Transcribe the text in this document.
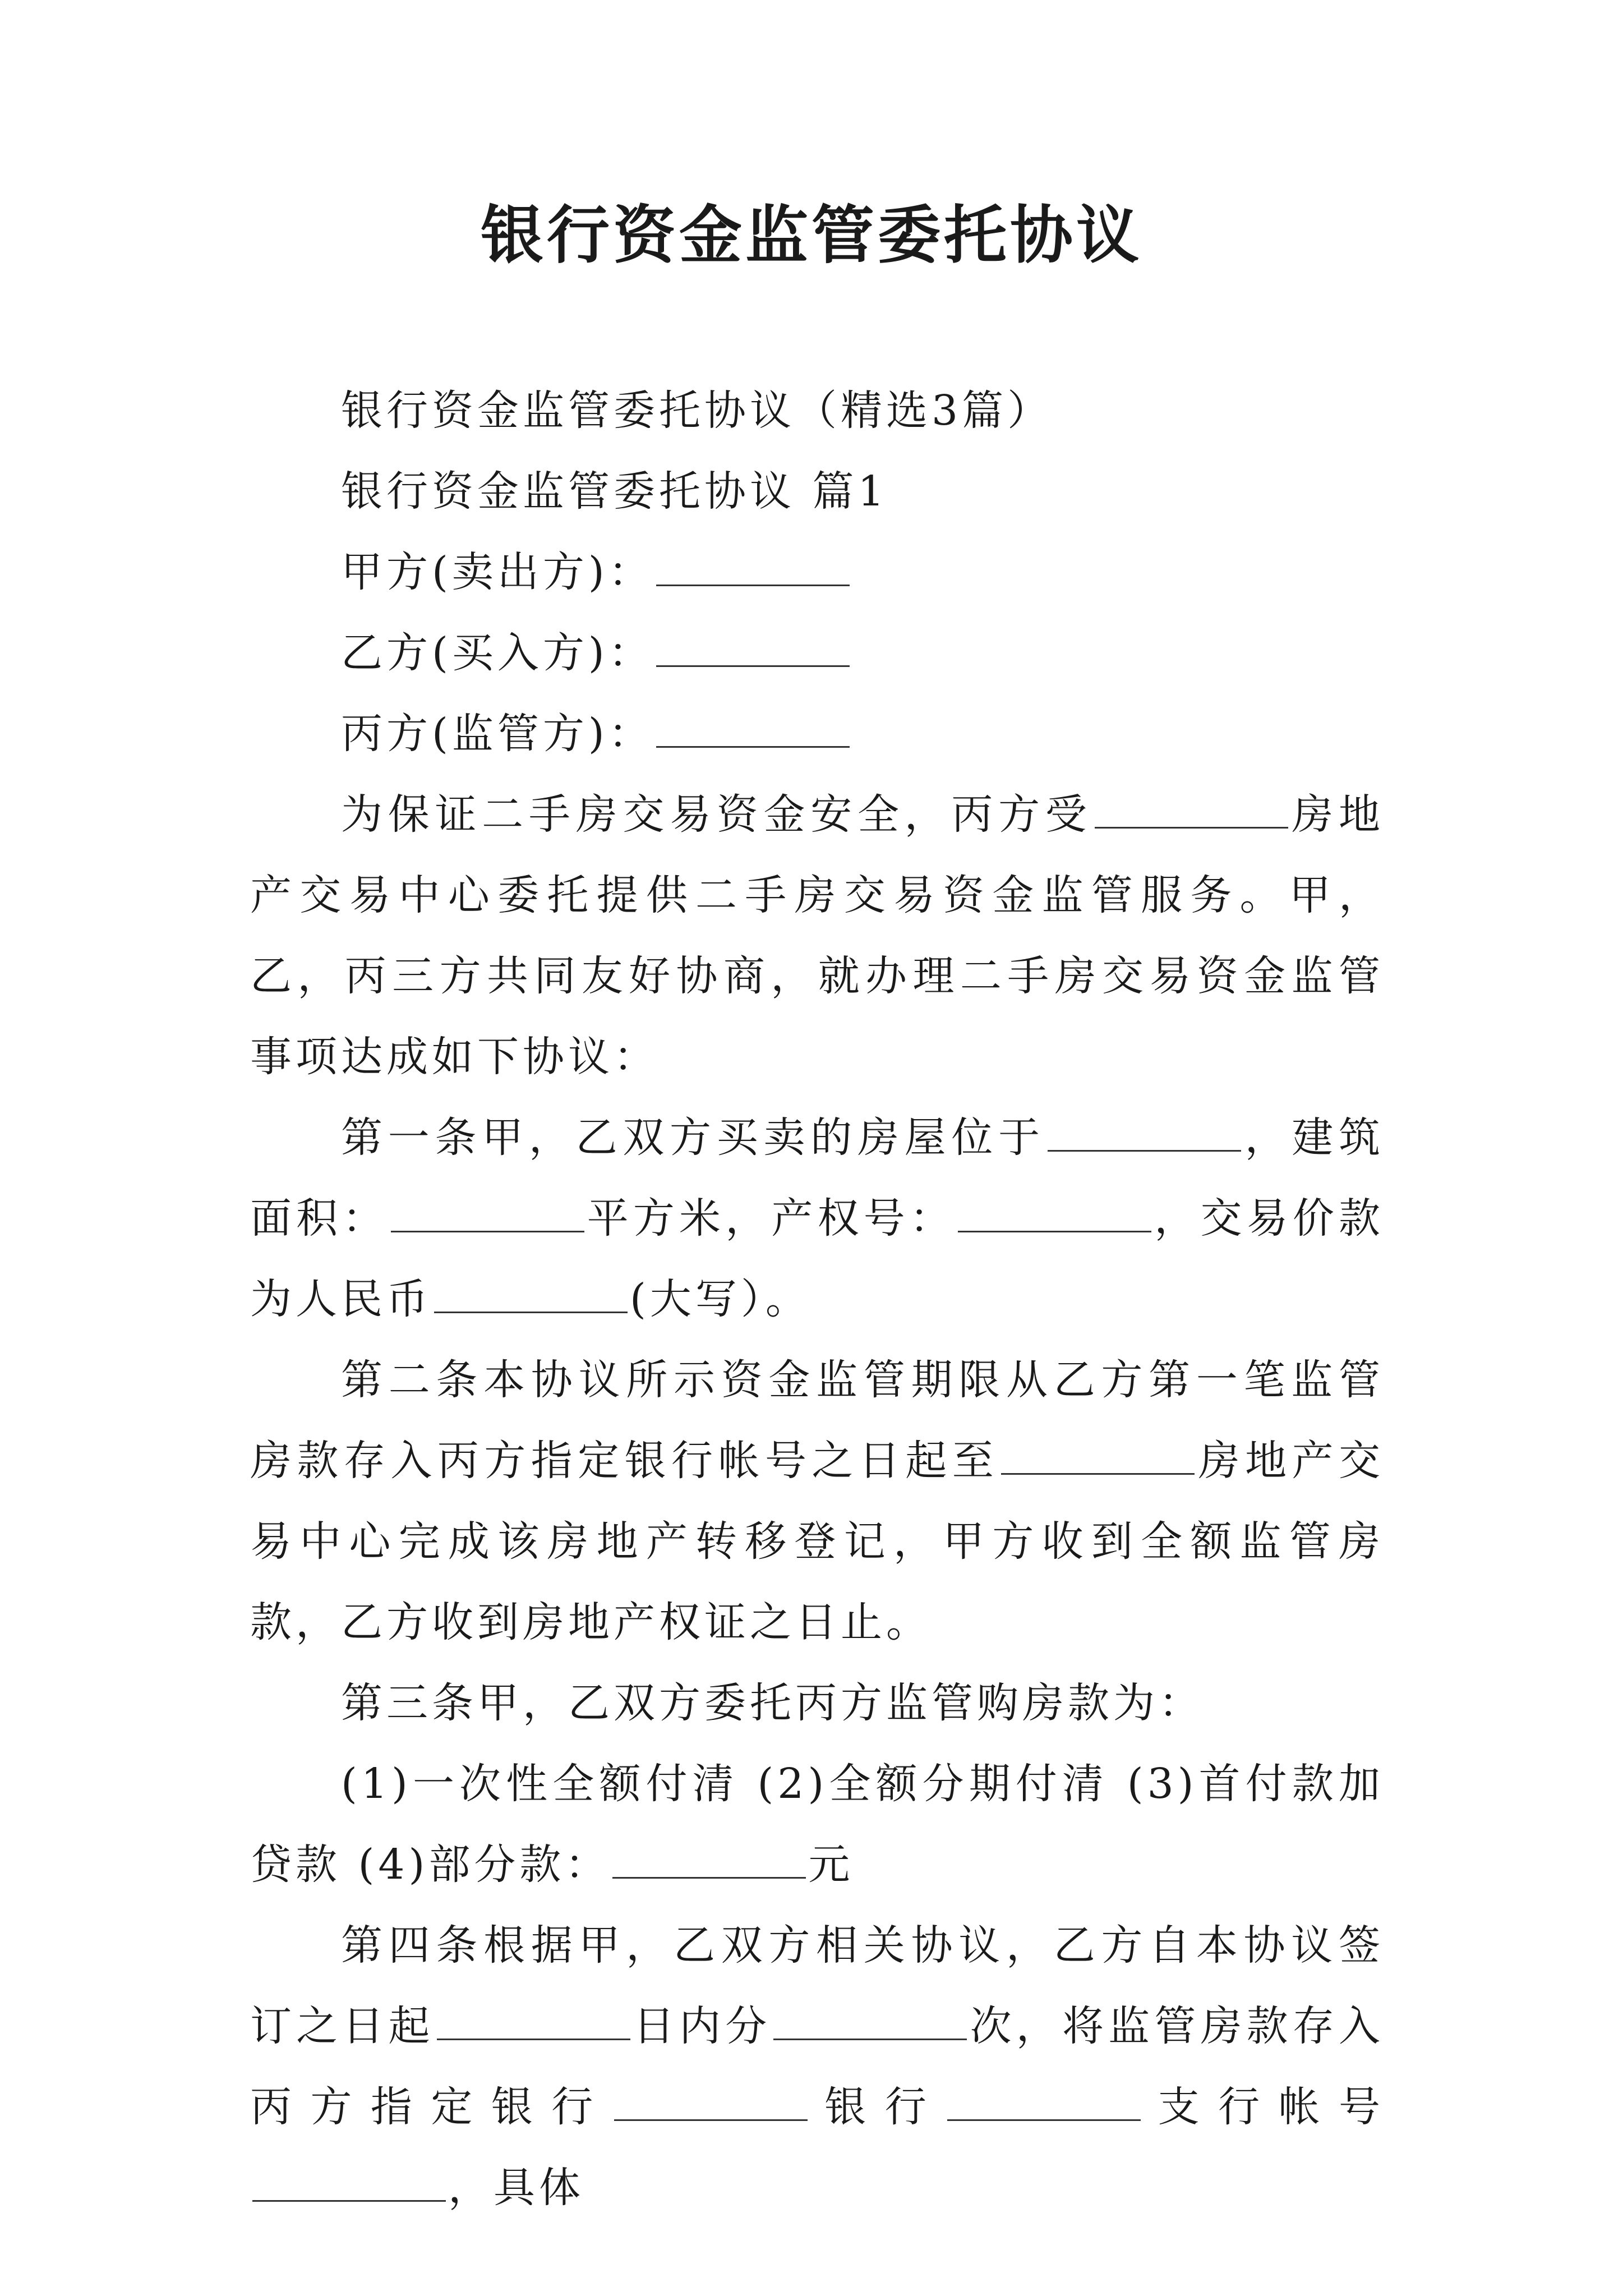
银行资金监管委托协议

银行资金监管委托协议（精选3篇）

银行资金监管委托协议 篇1

甲方(卖出方)：

乙方(买入方)：

丙方(监管方)：

为保证二手房交易资金安全，丙方受	房地产交易中心委托提供二手房交易资金监管服务。甲，乙，丙三方共同友好协商，就办理二手房交易资金监管事项达成如下协议：

第一条甲，乙双方买卖的房屋位于	，建筑面积：	平方米，产权号：	，交易价款为人民币	(大写）。

第二条本协议所示资金监管期限从乙方第一笔监管房款存入丙方指定银行帐号之日起至	房地产交易中心完成该房地产转移登记，甲方收到全额监管房款，乙方收到房地产权证之日止。

第三条甲，乙双方委托丙方监管购房款为：

(1)一次性全额付清 (2)全额分期付清 (3)首付款加贷款 (4)部分款：	元

第四条根据甲，乙双方相关协议，乙方自本协议签订之日起	日内分	次，将监管房款存入丙方指定银行	银行	支行帐号，具体
